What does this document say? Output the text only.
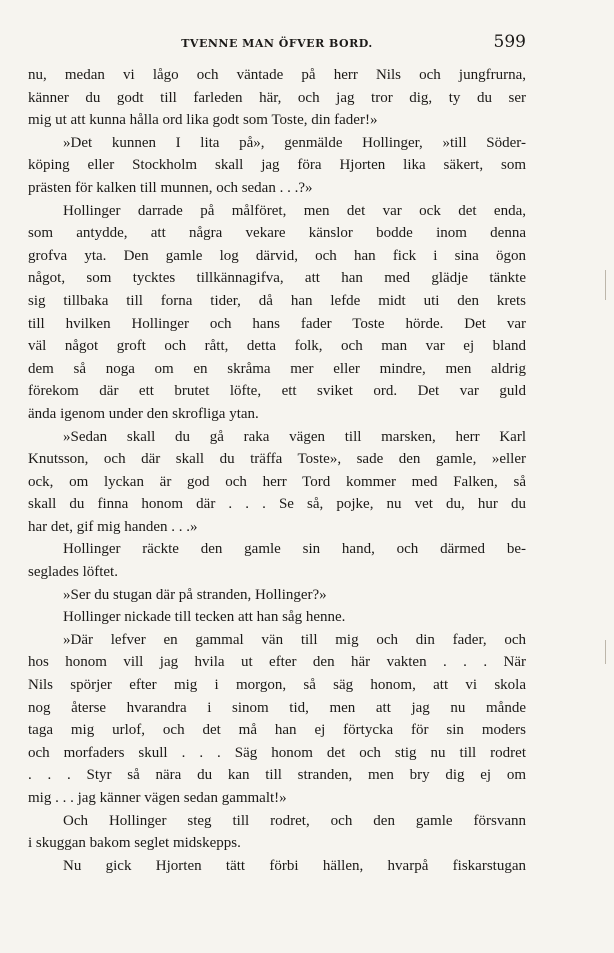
TVENNE MAN ÖFVER BORD.	599
nu, medan vi lågo och väntade på herr Nils och jungfrurna,
känner du godt till farleden här, och jag tror dig, ty du ser
mig ut att kunna hålla ord lika godt som Toste, din fader!»
»Det kunnen I lita på», genmälde Hollinger, »till Söder-
köping eller Stockholm skall jag föra Hjorten lika säkert, som
prästen för kalken till munnen, och sedan . . .?»
Hollinger darrade på målföret, men det var ock det enda,
som antydde, att några vekare känslor bodde inom denna
grofva yta. Den gamle log därvid, och han fick i sina ögon
något, som tycktes tillkännagifva, att han med glädje tänkte
sig tillbaka till forna tider, då han lefde midt uti den krets
till hvilken Hollinger och hans fader Toste hörde. Det var
väl något groft och rått, detta folk, och man var ej bland
dem så noga om en skråma mer eller mindre, men aldrig
förekom där ett brutet löfte, ett sviket ord. Det var guld
ända igenom under den skrofliga ytan.
»Sedan skall du gå raka vägen till marsken, herr Karl
Knutsson, och där skall du träffa Toste», sade den gamle, »eller
ock, om lyckan är god och herr Tord kommer med Falken, så
skall du finna honom där . . . Se så, pojke, nu vet du, hur du
har det, gif mig handen . . .»
Hollinger räckte den gamle sin hand, och därmed be-
seglades löftet.
»Ser du stugan där på stranden, Hollinger?»
Hollinger nickade till tecken att han såg henne.
»Där lefver en gammal vän till mig och din fader, och
hos honom vill jag hvila ut efter den här vakten . . . När
Nils spörjer efter mig i morgon, så säg honom, att vi skola
nog återse hvarandra i sinom tid, men att jag nu månde
taga mig urlof, och det må han ej förtycka för sin moders
och morfaders skull . . . Säg honom det och stig nu till rodret
. . . Styr så nära du kan till stranden, men bry dig ej om
mig . . . jag känner vägen sedan gammalt!»
Och Hollinger steg till rodret, och den gamle försvann
i skuggan bakom seglet midskepps.
Nu gick Hjorten tätt förbi hällen, hvarpå fiskarstugan
